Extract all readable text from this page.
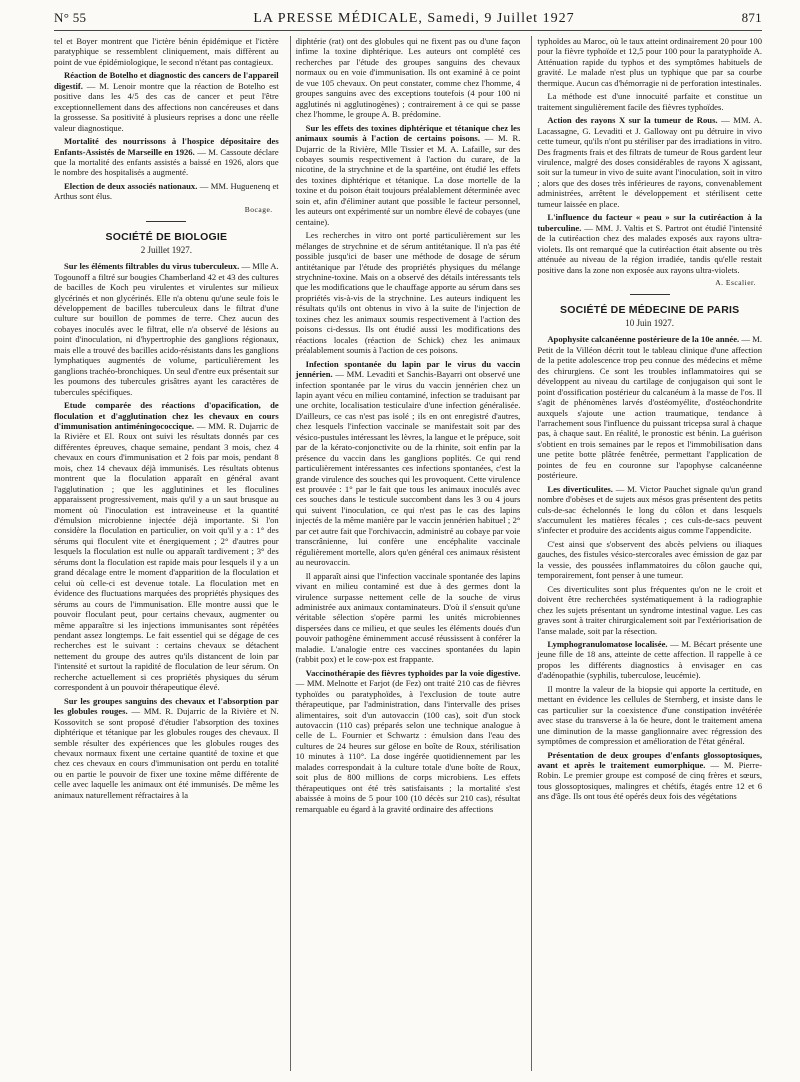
N° 55	LA PRESSE MÉDICALE, Samedi, 9 Juillet 1927	871

tel et Boyer montrent que l'ictère bénin épidémique et l'ictère paratyphique se ressemblent cliniquement, mais diffèrent au point de vue épidémiologique, le second n'étant pas contagieux.

Réaction de Botelho et diagnostic des cancers de l'appareil digestif. — M. Lenoir montre que la réaction de Botelho est positive dans les 4/5 des cas de cancer et peut l'être exceptionnellement dans des affections non cancéreuses et dans la grossesse. Sa positivité à plusieurs reprises a donc une réelle valeur diagnostique.

Mortalité des nourrissons à l'hospice dépositaire des Enfants-Assistés de Marseille en 1926. — M. Cassoute déclare que la mortalité des enfants assistés a baissé en 1926, alors que le nombre des hospitalisés a augmenté.

Election de deux associés nationaux. — MM. Huguenenq et Arthus sont élus.

Bocage.
SOCIÉTÉ DE BIOLOGIE
2 Juillet 1927.

Sur les éléments filtrables du virus tuberculeux. — Mlle A. Togounoff a filtré sur bougies Chamberland 42 et 43 des cultures de bacilles de Koch peu virulentes et virulentes sur milieux glycérinés et non glycérinés. Elle n'a obtenu qu'une seule fois le développement de bacilles tuberculeux dans le filtrat d'une culture sur bouillon de pommes de terre. Chez aucun des cobayes inoculés avec le filtrat, elle n'a observé de lésions au point d'inoculation, ni d'hypertrophie des ganglions régionaux, mais elle a trouvé des bacilles acido-résistants dans les ganglions lymphatiques augmentés de volume, particulièrement les ganglions trachéo-bronchiques. Un seul d'entre eux présentait sur les poumons des tubercules grisâtres ayant les caractères de tubercules spécifiques.

Etude comparée des réactions d'opacification, de floculation et d'agglutination chez les chevaux en cours d'immunisation antiméningococcique. — MM. R. Dujarric de la Rivière et El. Roux ont suivi les résultats donnés par ces différentes épreuves, chaque semaine, pendant 3 mois, chez 4 chevaux en cours d'immunisation et 2 fois par mois, pendant 8 mois, chez 14 chevaux déjà immunisés. Les résultats obtenus montrent que la floculation apparaît en général avant l'agglutination ; que les agglutinines et les floculines apparaissent progressivement, mais qu'il y a un saut brusque au moment où l'inoculation est intraveineuse et la quantité d'émulsion microbienne injectée déjà importante. Si l'on considère la floculation en particulier, on voit qu'il y a : 1° des sérums qui floculent vite et énergiquement ; 2° d'autres pour lesquels la floculation est nulle ou apparaît tardivement ; 3° des sérums dont la floculation est rapide mais pour lesquels il y a un grand décalage entre le moment d'apparition de la floculation et celui où celle-ci est devenue totale. La floculation met en évidence des fluctuations marquées des propriétés physiques des sérums au cours de l'immunisation. Elle montre aussi que le pouvoir floculant peut, pour certains chevaux, augmenter ou même apparaître si les injections immunisantes sont répétées pendant assez longtemps. Le fait essentiel qui se dégage de ces recherches est le suivant : certains chevaux se détachent nettement du groupe des autres qu'ils distancent de loin par l'intensité et surtout la rapidité de floculation de leur sérum. On recherche actuellement si ces propriétés physiques du sérum correspondent à un pouvoir thérapeutique élevé.

Sur les groupes sanguins des chevaux et l'absorption par les globules rouges. — MM. R. Dujarric de la Rivière et N. Kossovitch se sont proposé d'étudier l'absorption des toxines diphtérique et tétanique par les globules rouges des chevaux. Il semble résulter des expériences que les globules rouges des chevaux normaux fixent une certaine quantité de toxine et que chez ces chevaux en cours d'immunisation ont perdu en totalité ou en partie le pouvoir de fixer une toxine même différente de celle avec laquelle les animaux ont été immunisés. De même les animaux naturellement réfractaires à la

diphtérie (rat) ont des globules qui ne fixent pas ou d'une façon infime la toxine diphtérique. Les auteurs ont complété ces recherches par l'étude des groupes sanguins des chevaux normaux ou en voie d'immunisation. Ils ont examiné à ce point de vue 105 chevaux. On peut constater, comme chez l'homme, 4 groupes sanguins avec des exceptions toutefois (4 pour 100 ni agglutinés ni agglutinogènes) ; contrairement à ce qui se passe chez l'homme, le groupe A. B. prédomine.

Sur les effets des toxines diphtérique et tétanique chez les animaux soumis à l'action de certains poisons. — M. R. Dujarric de la Rivière, Mlle Tissier et M. A. Lafaille, sur des cobayes soumis respectivement à l'action du curare, de la nicotine, de la strychnine et de la spartéine, ont étudié les effets des toxines diphtérique et tétanique. La dose mortelle de la toxine et du poison était toujours préalablement déterminée avec soin et, afin d'éliminer autant que possible le facteur personnel, les auteurs ont expérimenté sur un nombre élevé de cobayes (une centaine).

Les recherches in vitro ont porté particulièrement sur les mélanges de strychnine et de sérum antitétanique. Il n'a pas été possible jusqu'ici de baser une méthode de dosage de sérum antitétanique par l'étude des propriétés physiques du mélange strychnine-toxine. Mais on a observé des détails intéressants tels que les modifications que le chauffage apporte au sérum dans ses propriétés vis-à-vis de la strychnine. Les auteurs indiquent les résultats qu'ils ont obtenus in vivo à la suite de l'injection de toxines chez les animaux soumis respectivement à l'action des poisons ci-dessus. Ils ont étudié aussi les modifications des réactions locales (réaction de Schick) chez les animaux préalablement soumis à l'action de ces poisons.

Infection spontanée du lapin par le virus du vaccin jennérien. — MM. Levaditi et Sanchis-Bayarri ont observé une infection spontanée par le virus du vaccin jennérien chez un lapin ayant vécu en milieu contaminé, infection se traduisant par une orchite, localisation testiculaire d'une infection généralisée. D'ailleurs, ce cas n'est pas isolé ; ils en ont enregistré d'autres, chez lesquels l'infection vaccinale se manifestait soit par des vésico-pustules intéressant les lèvres, la langue et le prépuce, soit par de la kérato-conjonctivite ou de la rhinite, soit enfin par la présence du vaccin dans les ganglions poplités. Ce qui rend particulièrement intéressantes ces infections spontanées, c'est la grande virulence des souches qui les provoquent. Cette virulence est prouvée : 1° par le fait que tous les animaux inoculés avec ces souches dans le testicule succombent dans les 3 ou 4 jours qui suivent l'inoculation, ce qui n'est pas le cas des lapins injectés de la même manière par le vaccin jennérien habituel ; 2° par cet autre fait que l'orchivaccin, administré au cobaye par voie transcrânienne, lui confère une encéphalite vaccinale régulièrement mortelle, alors qu'en général ces animaux résistent au neurovaccin.

Il apparaît ainsi que l'infection vaccinale spontanée des lapins vivant en milieu contaminé est due à des germes dont la virulence surpasse nettement celle de la souche de virus administrée aux animaux contaminateurs. D'où il s'ensuit qu'une véritable sélection s'opère parmi les unités microbiennes dispersées dans ce milieu, et que seules les éléments doués d'un pouvoir pathogène éminemment accusé réussissent à conférer la maladie. L'analogie entre ces vaccines spontanées du lapin (rabbit pox) et le cow-pox est frappante.

Vaccinothérapie des fièvres typhoïdes par la voie digestive. — MM. Melnotte et Farjot (de Fez) ont traité 210 cas de fièvres typhoïdes ou paratyphoïdes, à l'exclusion de toute autre thérapeutique, par l'administration, dans l'intervalle des prises alimentaires, soit d'un autovaccin (100 cas), soit d'un stock autovaccin (110 cas) préparés selon une technique analogue à celle de L. Fournier et Schwartz : émulsion dans l'eau des cultures de 24 heures sur gélose en boîte de Roux, stérilisation 10 minutes à 110°. La dose ingérée quotidiennement par les malades correspondait à la culture totale d'une boîte de Roux, soit plus de 800 millions de corps microbiens. Les effets thérapeutiques ont été très satisfaisants ; la mortalité s'est abaissée à moins de 5 pour 100 (10 décès sur 210 cas), résultat remarquable eu égard à la gravité ordinaire des affections

typhoïdes au Maroc, où le taux atteint ordinairement 20 pour 100 pour la fièvre typhoïde et 12,5 pour 100 pour la paratyphoïde A. Atténuation rapide du typhos et des symptômes habituels de gravité. Le malade n'est plus un typhique que par sa courbe thermique. Aucun cas d'hémorragie ni de perforation intestinales.

La méthode est d'une innocuité parfaite et constitue un traitement singulièrement facile des fièvres typhoïdes.

Action des rayons X sur la tumeur de Rous. — MM. A. Lacassagne, G. Levaditi et J. Galloway ont pu détruire in vivo cette tumeur, qu'ils n'ont pu stériliser par des irradiations in vitro. Des fragments frais et des filtrats de tumeur de Rous gardent leur virulence, malgré des doses considérables de rayons X agissant, soit sur la tumeur in vivo de suite avant l'inoculation, soit in vitro ; alors que des doses très inférieures de rayons, convenablement administrées, arrêtent le développement et stérilisent cette tumeur laissée en place.

L'influence du facteur « peau » sur la cutiréaction à la tuberculine. — MM. J. Valtis et S. Partrot ont étudié l'intensité de la cutiréaction chez des malades exposés aux rayons ultra-violets. Ils ont remarqué que la cutiréaction était absente ou très atténuée au niveau de la région irradiée, tandis qu'elle restait positive dans la zone non exposée aux rayons ultra-violets.

A. Escalier.
SOCIÉTÉ DE MÉDECINE DE PARIS
10 Juin 1927.

Apophysite calcanéenne postérieure de la 10e année. — M. Petit de la Villéon décrit tout le tableau clinique d'une affection de la petite adolescence trop peu connue des médecins et même des chirurgiens. Ce sont les troubles inflammatoires qui se développent au niveau du cartilage de conjugaison qui sont le point d'ossification postérieur du calcanéum à la masse de l'os. Il s'agit de phénomènes larvés d'ostéomyélite, d'ostéochondrite auxquels s'ajoute une action traumatique, tendance à l'arrachement sous l'influence du puissant tricepsa sural à chaque pas, à chaque saut. En réalité, le pronostic est bénin. La guérison s'obtient en trois semaines par le repos et l'immobilisation dans une petite botte plâtrée fenêtrée, permettant l'application de pointes de feu en couronne sur l'apophyse calcanéenne postérieure.

Les diverticulites. — M. Victor Pauchet signale qu'un grand nombre d'obèses et de sujets aux mésos gras présentent des petits culs-de-sac échelonnés le long du côlon et dans lesquels s'accumulent les matières fécales ; ces culs-de-sacs peuvent s'infecter et produire des accidents aigus comme l'appendicite.

C'est ainsi que s'observent des abcès pelviens ou iliaques gauches, des fistules vésico-stercorales avec émission de gaz par la vessie, des poussées inflammatoires du côlon gauche qui, temporairement, font penser à une tumeur.

Ces diverticulites sont plus fréquentes qu'on ne le croit et doivent être recherchées systématiquement à la radiographie chez les sujets présentant un syndrome intestinal vague. Les cas graves sont à traiter chirurgicalement soit par l'extériorisation de l'anse malade, soit par la résection.

Lymphogranulomatose localisée. — M. Bécart présente une jeune fille de 18 ans, atteinte de cette affection. Il rappelle à ce propos les différents diagnostics à envisager en cas d'adénopathie (syphilis, tuberculose, leucémie).

Il montre la valeur de la biopsie qui apporte la certitude, en mettant en évidence les cellules de Sternberg, et insiste dans le cas particulier sur la coexistence d'une constipation invétérée avec stase du transverse à la 6e heure, dont le traitement amena une diminution de la masse ganglionnaire avec régression des symptômes de compression et amélioration de l'état général.

Présentation de deux groupes d'enfants glossoptosiques, avant et après le traitement eumorphique. — M. Pierre-Robin. Le premier groupe est composé de cinq frères et sœurs, tous glossoptosiques, malingres et chétifs, étagés entre 12 et 6 ans d'âge. Ils ont tous été opérés deux fois des végétations
